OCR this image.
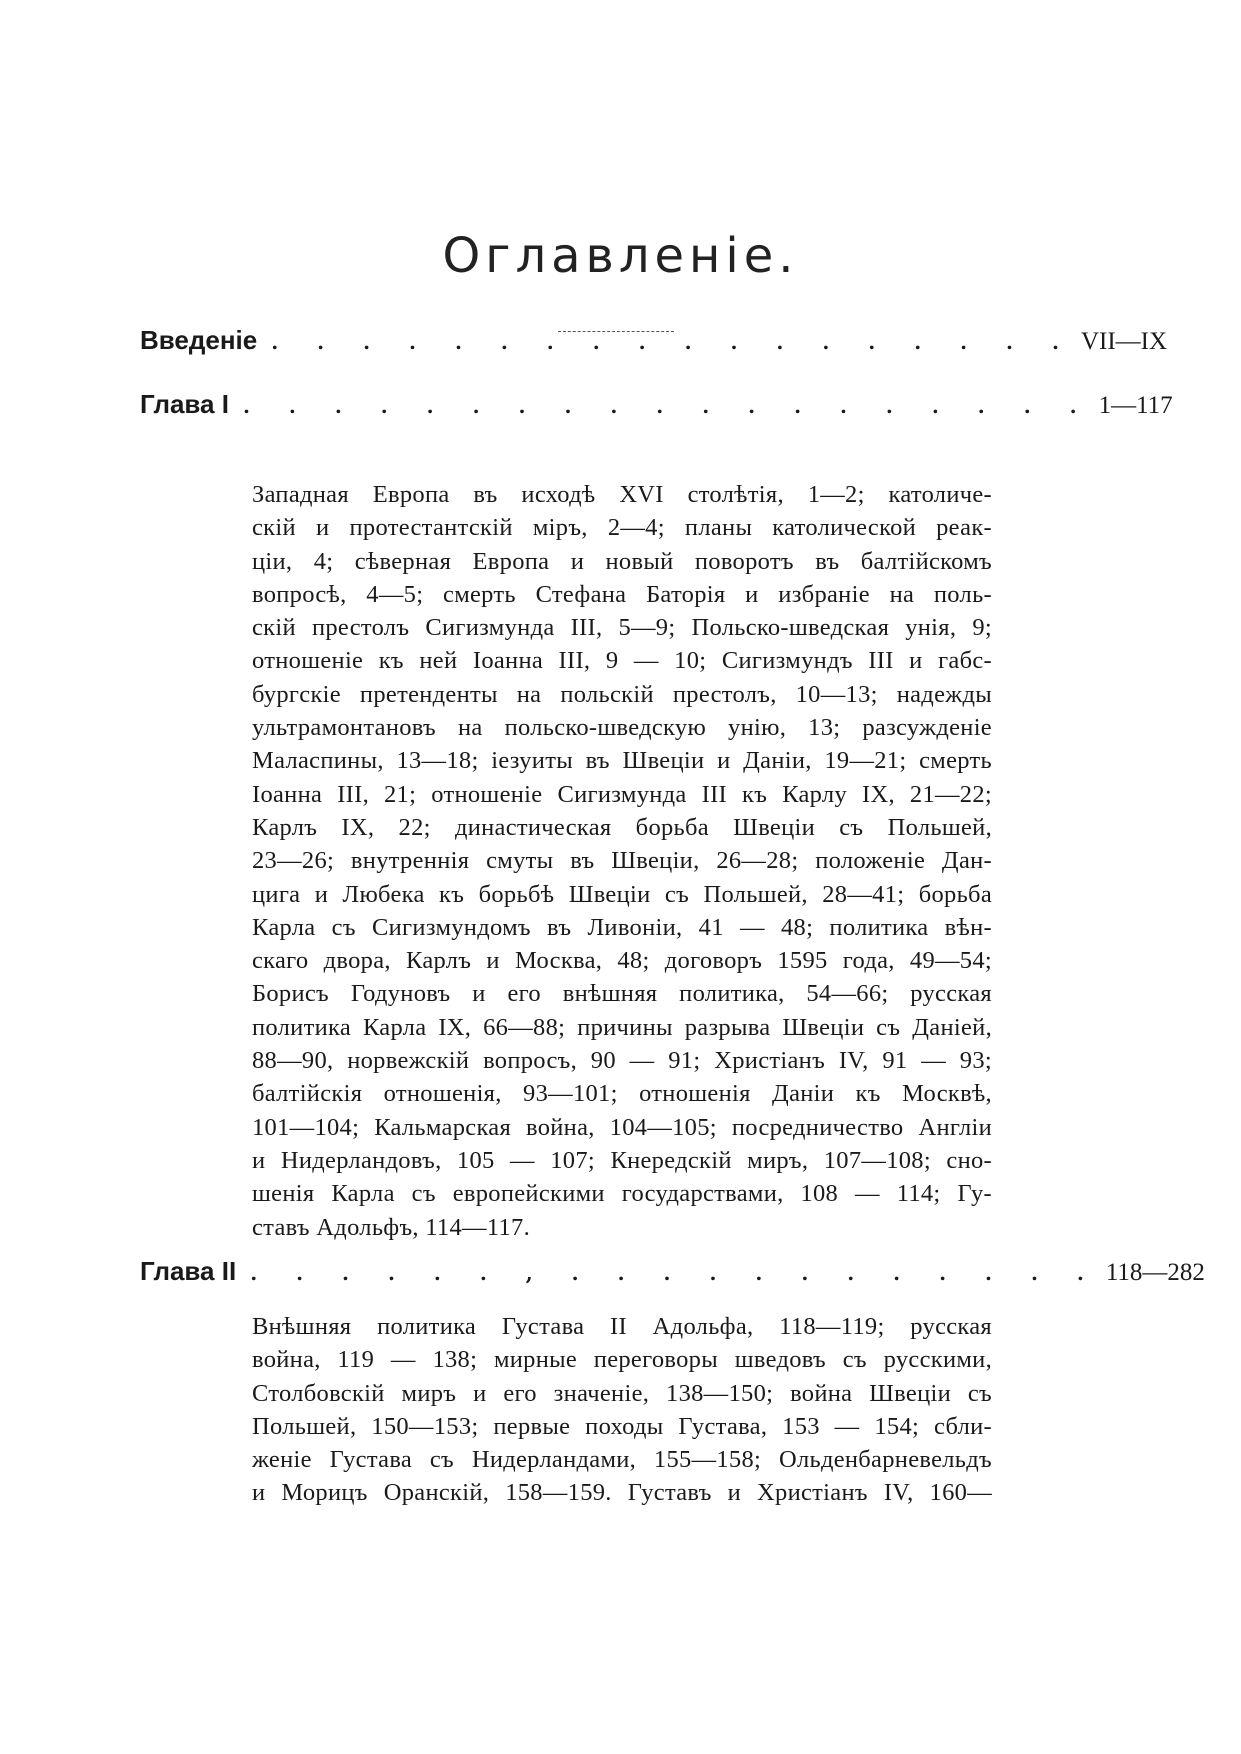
Оглавленіе.
Введеніе . . . . . . . . . . . . . . . . . . VII—IX
Глава I . . . . . . . . . . . . . . . . . . . 1—117
Западная Европа въ исходѣ XVI столѣтія, 1—2; католиче-
скій и протестантскій міръ, 2—4; планы католической реак-
ціи, 4; сѣверная Европа и новый поворотъ въ балтійскомъ
вопросѣ, 4—5; смерть Стефана Баторія и избраніе на поль-
скій престолъ Сигизмунда III, 5—9; Польско-шведская унія, 9;
отношеніе къ ней Іоанна III, 9 — 10; Сигизмундъ III и габс-
бургскіе претенденты на польскій престолъ, 10—13; надежды
ультрамонтановъ на польско-шведскую унію, 13; разсужденіе
Маласпины, 13—18; іезуиты въ Швеціи и Даніи, 19—21; смерть
Іоанна III, 21; отношеніе Сигизмунда III къ Карлу IX, 21—22;
Карлъ IX, 22; династическая борьба Швеціи съ Польшей,
23—26; внутреннія смуты въ Швеціи, 26—28; положеніе Дан-
цига и Любека къ борьбѣ Швеціи съ Польшей, 28—41; борьба
Карла съ Сигизмундомъ въ Ливоніи, 41 — 48; политика вѣн-
скаго двора, Карлъ и Москва, 48; договоръ 1595 года, 49—54;
Борисъ Годуновъ и его внѣшняя политика, 54—66; русская
политика Карла IX, 66—88; причины разрыва Швеціи съ Даніей,
88—90, норвежскій вопросъ, 90 — 91; Христіанъ IV, 91 — 93;
балтійскія отношенія, 93—101; отношенія Даніи къ Москвѣ,
101—104; Кальмарская война, 104—105; посредничество Англіи
и Нидерландовъ, 105 — 107; Кнередскій миръ, 107—108; сно-
шенія Карла съ европейскими государствами, 108 — 114; Гу-
ставъ Адольфъ, 114—117.
Глава II . . . . . . , . . . . . . . . . . . . 118—282
Внѣшняя политика Густава II Адольфа, 118—119; русская
война, 119 — 138; мирные переговоры шведовъ съ русскими,
Столбовскій миръ и его значеніе, 138—150; война Швеціи съ
Польшей, 150—153; первые походы Густава, 153 — 154; сбли-
женіе Густава съ Нидерландами, 155—158; Ольденбарневельдъ
и Морицъ Оранскій, 158—159. Густавъ и Христіанъ IV, 160—
